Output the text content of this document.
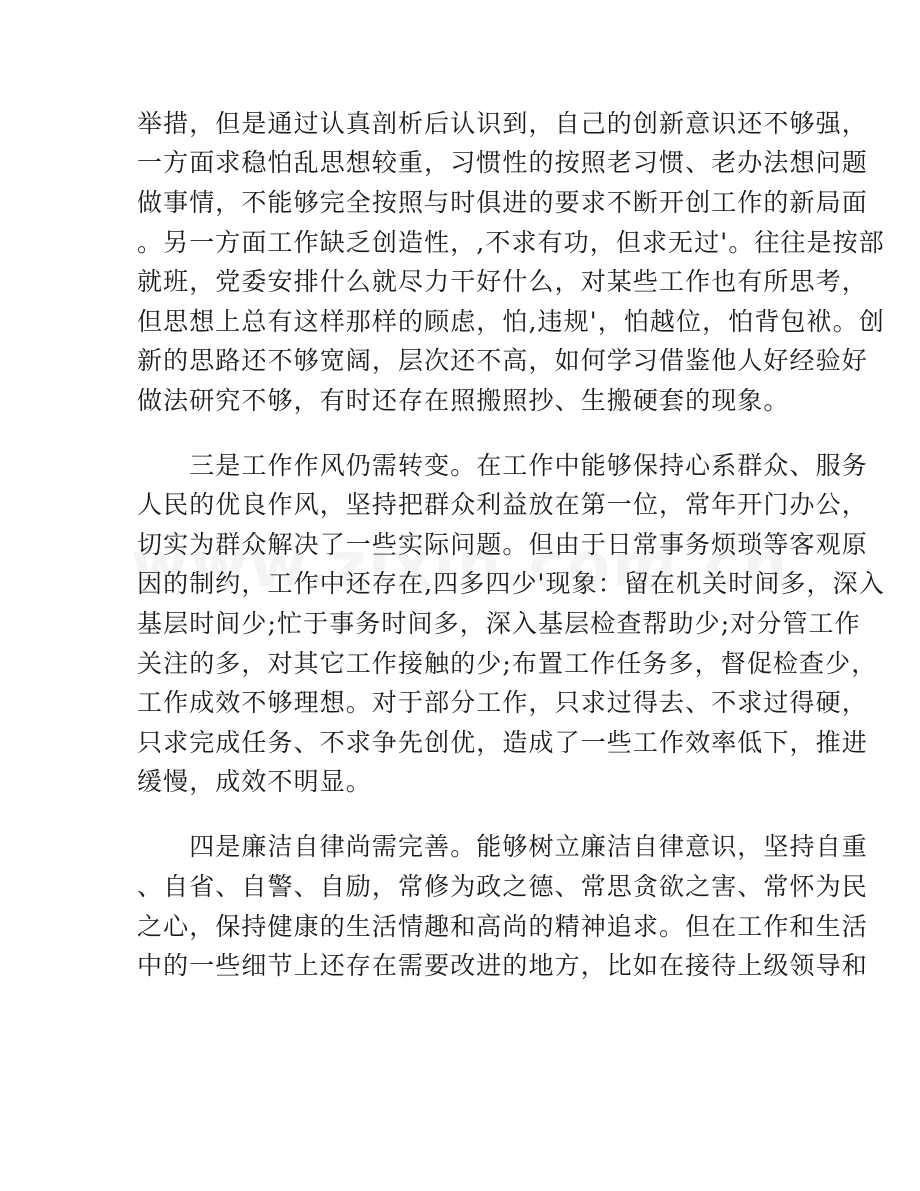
举措，但是通过认真剖析后认识到，自己的创新意识还不够强，
一方面求稳怕乱思想较重，习惯性的按照老习惯、老办法想问题
做事情，不能够完全按照与时俱进的要求不断开创工作的新局面
。另一方面工作缺乏创造性，,不求有功，但求无过'。往往是按部
就班，党委安排什么就尽力干好什么，对某些工作也有所思考，
但思想上总有这样那样的顾虑，怕,违规'，怕越位，怕背包袱。创
新的思路还不够宽阔，层次还不高，如何学习借鉴他人好经验好
做法研究不够，有时还存在照搬照抄、生搬硬套的现象。
　　三是工作作风仍需转变。在工作中能够保持心系群众、服务
人民的优良作风，坚持把群众利益放在第一位，常年开门办公，
切实为群众解决了一些实际问题。但由于日常事务烦琐等客观原
因的制约，工作中还存在,四多四少'现象：留在机关时间多，深入
基层时间少;忙于事务时间多，深入基层检查帮助少;对分管工作
关注的多，对其它工作接触的少;布置工作任务多，督促检查少，
工作成效不够理想。对于部分工作，只求过得去、不求过得硬，
只求完成任务、不求争先创优，造成了一些工作效率低下，推进
缓慢，成效不明显。
　　四是廉洁自律尚需完善。能够树立廉洁自律意识，坚持自重
、自省、自警、自励，常修为政之德、常思贪欲之害、常怀为民
之心，保持健康的生活情趣和高尚的精神追求。但在工作和生活
中的一些细节上还存在需要改进的地方，比如在接待上级领导和
